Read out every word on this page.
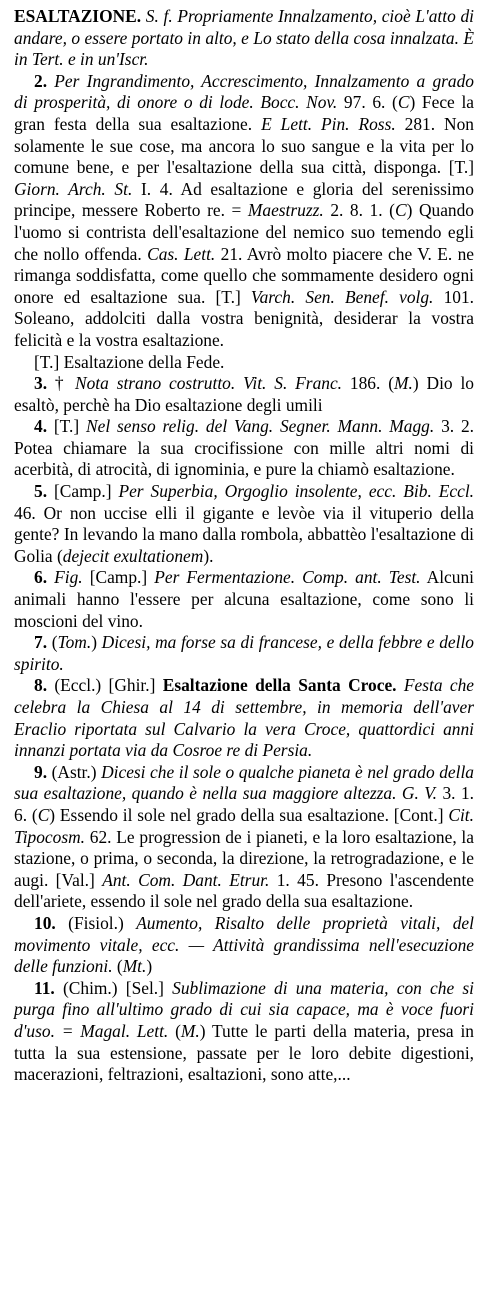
ESALTAZIONE. S. f. Propriamente Innalzamento, cioè L'atto di andare, o essere portato in alto, e Lo stato della cosa innalzata. È in Tert. e in un'Iscr.

2. Per Ingrandimento, Accrescimento, Innalzamento a grado di prosperità, di onore o di lode. Bocc. Nov. 97. 6. (C) Fece la gran festa della sua esaltazione. E Lett. Pin. Ross. 281. Non solamente le sue cose, ma ancora lo suo sangue e la vita per lo comune bene, e per l'esaltazione della sua città, disponga. [T.] Giorn. Arch. St. I. 4. Ad esaltazione e gloria del serenissimo principe, messere Roberto re. = Maestruzz. 2. 8. 1. (C) Quando l'uomo si contrista dell'esaltazione del nemico suo temendo egli che nollo offenda. Cas. Lett. 21. Avrò molto piacere che V. E. ne rimanga soddisfatta, come quello che sommamente desidero ogni onore ed esaltazione sua. [T.] Varch. Sen. Benef. volg. 101. Soleano, addolciti dalla vostra benignità, desiderar la vostra felicità e la vostra esaltazione.

[T.] Esaltazione della Fede.

3. † Nota strano costrutto. Vit. S. Franc. 186. (M.) Dio lo esaltò, perchè ha Dio esaltazione degli umili

4. [T.] Nel senso relig. del Vang. Segner. Mann. Magg. 3. 2. Potea chiamare la sua crocifissione con mille altri nomi di acerbità, di atrocità, di ignominia, e pure la chiamò esaltazione.

5. [Camp.] Per Superbia, Orgoglio insolente, ecc. Bib. Eccl. 46. Or non uccise elli il gigante e levòe via il vituperio della gente? In levando la mano dalla rombola, abbattèo l'esaltazione di Golia (dejecit exultationem).

6. Fig. [Camp.] Per Fermentazione. Comp. ant. Test. Alcuni animali hanno l'essere per alcuna esaltazione, come sono li moscioni del vino.

7. (Tom.) Dicesi, ma forse sa di francese, e della febbre e dello spirito.

8. (Eccl.) [Ghir.] Esaltazione della Santa Croce. Festa che celebra la Chiesa al 14 di settembre, in memoria dell'aver Eraclio riportata sul Calvario la vera Croce, quattordici anni innanzi portata via da Cosroe re di Persia.

9. (Astr.) Dicesi che il sole o qualche pianeta è nel grado della sua esaltazione, quando è nella sua maggiore altezza. G. V. 3. 1. 6. (C) Essendo il sole nel grado della sua esaltazione. [Cont.] Cit. Tipocosm. 62. Le progression de i pianeti, e la loro esaltazione, la stazione, o prima, o seconda, la direzione, la retrogradazione, e le augi. [Val.] Ant. Com. Dant. Etrur. 1. 45. Presono l'ascendente dell'ariete, essendo il sole nel grado della sua esaltazione.

10. (Fisiol.) Aumento, Risalto delle proprietà vitali, del movimento vitale, ecc. — Attività grandissima nell'esecuzione delle funzioni. (Mt.)

11. (Chim.) [Sel.] Sublimazione di una materia, con che si purga fino all'ultimo grado di cui sia capace, ma è voce fuori d'uso. = Magal. Lett. (M.) Tutte le parti della materia, presa in tutta la sua estensione, passate per le loro debite digestioni, macerazioni, feltrazioni, esaltazioni, sono atte,...
